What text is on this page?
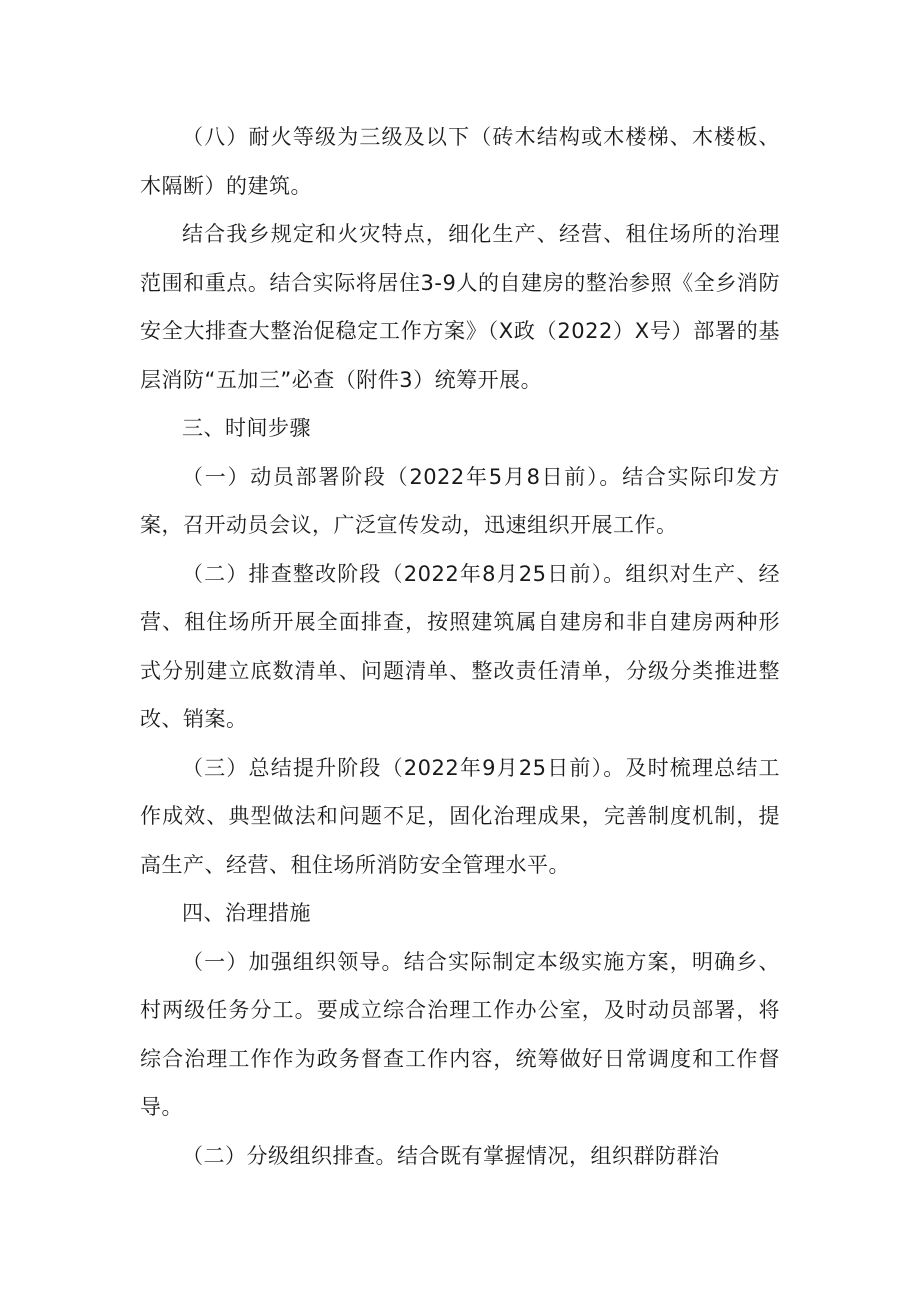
（八）耐火等级为三级及以下（砖木结构或木楼梯、木楼板、木隔断）的建筑。

结合我乡规定和火灾特点，细化生产、经营、租住场所的治理范围和重点。结合实际将居住3-9人的自建房的整治参照《全乡消防安全大排查大整治促稳定工作方案》（X政（2022）X号）部署的基层消防“五加三”必查（附件3）统筹开展。

三、时间步骤

（一）动员部署阶段（2022年5月8日前）。结合实际印发方案，召开动员会议，广泛宣传发动，迅速组织开展工作。

（二）排查整改阶段（2022年8月25日前）。组织对生产、经营、租住场所开展全面排查，按照建筑属自建房和非自建房两种形式分别建立底数清单、问题清单、整改责任清单，分级分类推进整改、销案。

（三）总结提升阶段（2022年9月25日前）。及时梳理总结工作成效、典型做法和问题不足，固化治理成果，完善制度机制，提高生产、经营、租住场所消防安全管理水平。

四、治理措施

（一）加强组织领导。结合实际制定本级实施方案，明确乡、村两级任务分工。要成立综合治理工作办公室，及时动员部署，将综合治理工作作为政务督查工作内容，统筹做好日常调度和工作督导。

（二）分级组织排查。结合既有掌握情况，组织群防群治
